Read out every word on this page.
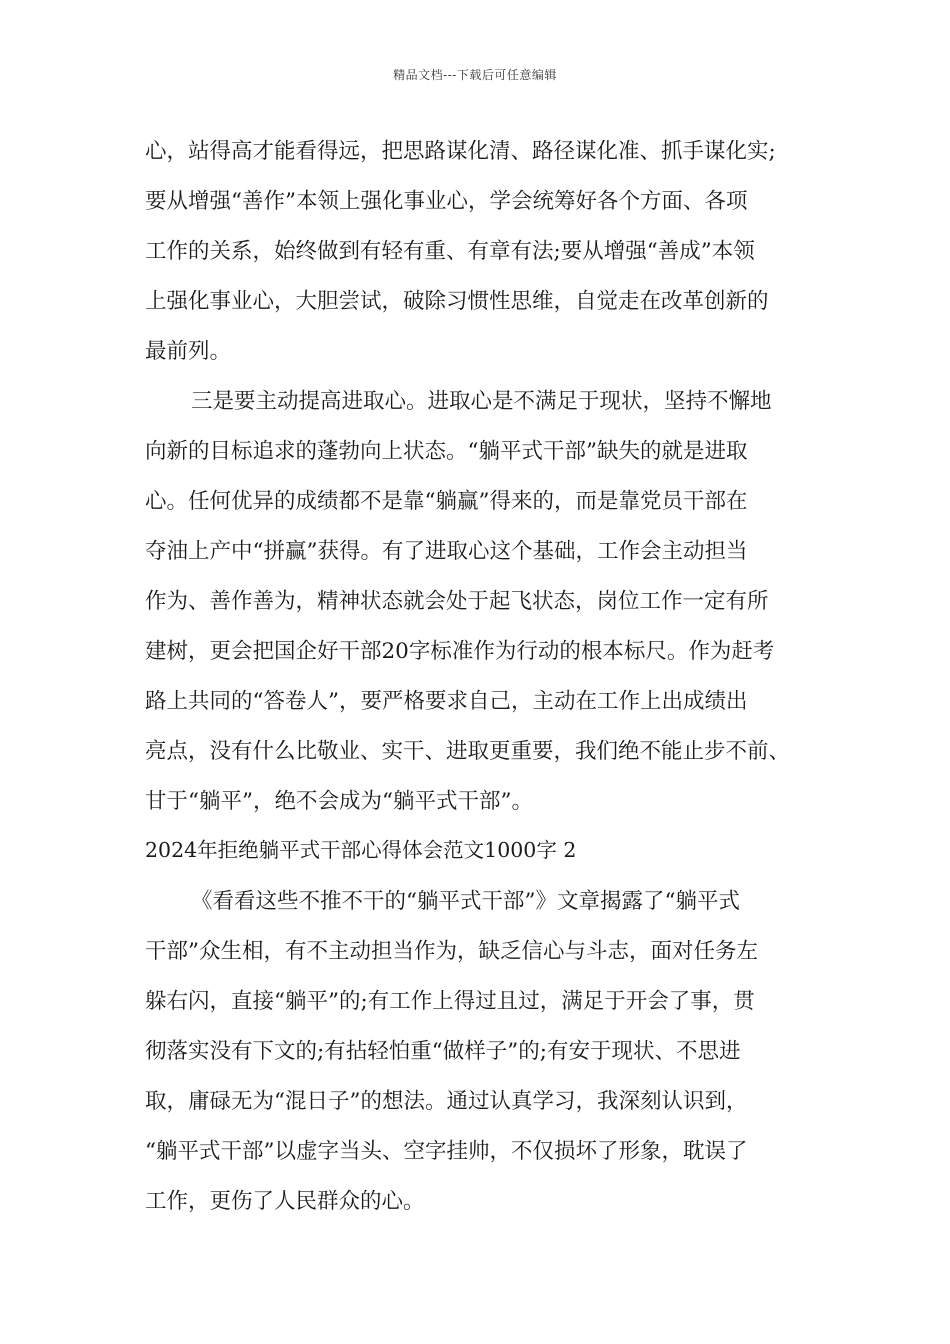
精品文档---下载后可任意编辑
心，站得高才能看得远，把思路谋化清、路径谋化准、抓手谋化实;
要从增强“善作”本领上强化事业心，学会统筹好各个方面、各项
工作的关系，始终做到有轻有重、有章有法;要从增强“善成”本领
上强化事业心，大胆尝试，破除习惯性思维，自觉走在改革创新的
最前列。
三是要主动提高进取心。进取心是不满足于现状，坚持不懈地
向新的目标追求的蓬勃向上状态。“躺平式干部”缺失的就是进取
心。任何优异的成绩都不是靠“躺赢”得来的，而是靠党员干部在
夺油上产中“拼赢”获得。有了进取心这个基础，工作会主动担当
作为、善作善为，精神状态就会处于起飞状态，岗位工作一定有所
建树，更会把国企好干部20字标准作为行动的根本标尺。作为赶考
路上共同的“答卷人”，要严格要求自己，主动在工作上出成绩出
亮点，没有什么比敬业、实干、进取更重要，我们绝不能止步不前、
甘于“躺平”，绝不会成为“躺平式干部”。
2024年拒绝躺平式干部心得体会范文1000字 2
《看看这些不推不干的“躺平式干部”》文章揭露了“躺平式
干部”众生相，有不主动担当作为，缺乏信心与斗志，面对任务左
躲右闪，直接“躺平”的;有工作上得过且过，满足于开会了事，贯
彻落实没有下文的;有拈轻怕重“做样子”的;有安于现状、不思进
取，庸碌无为“混日子”的想法。通过认真学习，我深刻认识到，
“躺平式干部”以虚字当头、空字挂帅，不仅损坏了形象，耽误了
工作，更伤了人民群众的心。
